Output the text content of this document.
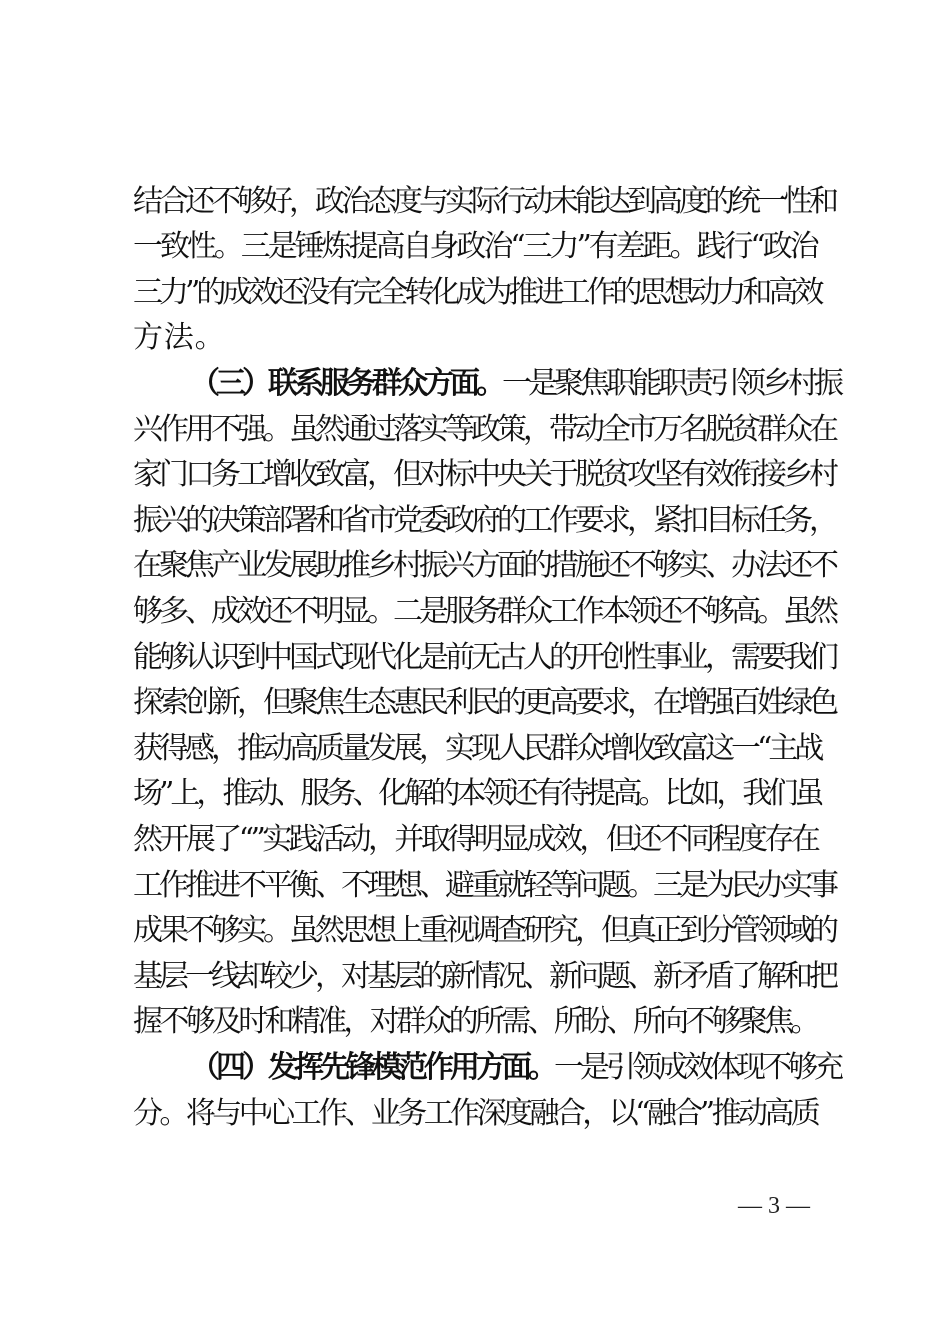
结合还不够好，政治态度与实际行动未能达到高度的统一性和
一致性。三是锤炼提高自身政治“三力”有差距。践行“政治
三力”的成效还没有完全转化成为推进工作的思想动力和高效
方法。
（三）联系服务群众方面。一是聚焦职能职责引领乡村振
兴作用不强。虽然通过落实等政策，带动全市万名脱贫群众在
家门口务工增收致富，但对标中央关于脱贫攻坚有效衔接乡村
振兴的决策部署和省市党委政府的工作要求，紧扣目标任务，
在聚焦产业发展助推乡村振兴方面的措施还不够实、办法还不
够多、成效还不明显。二是服务群众工作本领还不够高。虽然
能够认识到中国式现代化是前无古人的开创性事业，需要我们
探索创新，但聚焦生态惠民利民的更高要求，在增强百姓绿色
获得感，推动高质量发展，实现人民群众增收致富这一“主战
场”上，推动、服务、化解的本领还有待提高。比如，我们虽
然开展了“”实践活动，并取得明显成效，但还不同程度存在
工作推进不平衡、不理想、避重就轻等问题。三是为民办实事
成果不够实。虽然思想上重视调查研究，但真正到分管领域的
基层一线却较少，对基层的新情况、新问题、新矛盾了解和把
握不够及时和精准，对群众的所需、所盼、所向不够聚焦。
（四）发挥先锋模范作用方面。一是引领成效体现不够充
分。将与中心工作、业务工作深度融合，以“融合”推动高质
— 3 —
